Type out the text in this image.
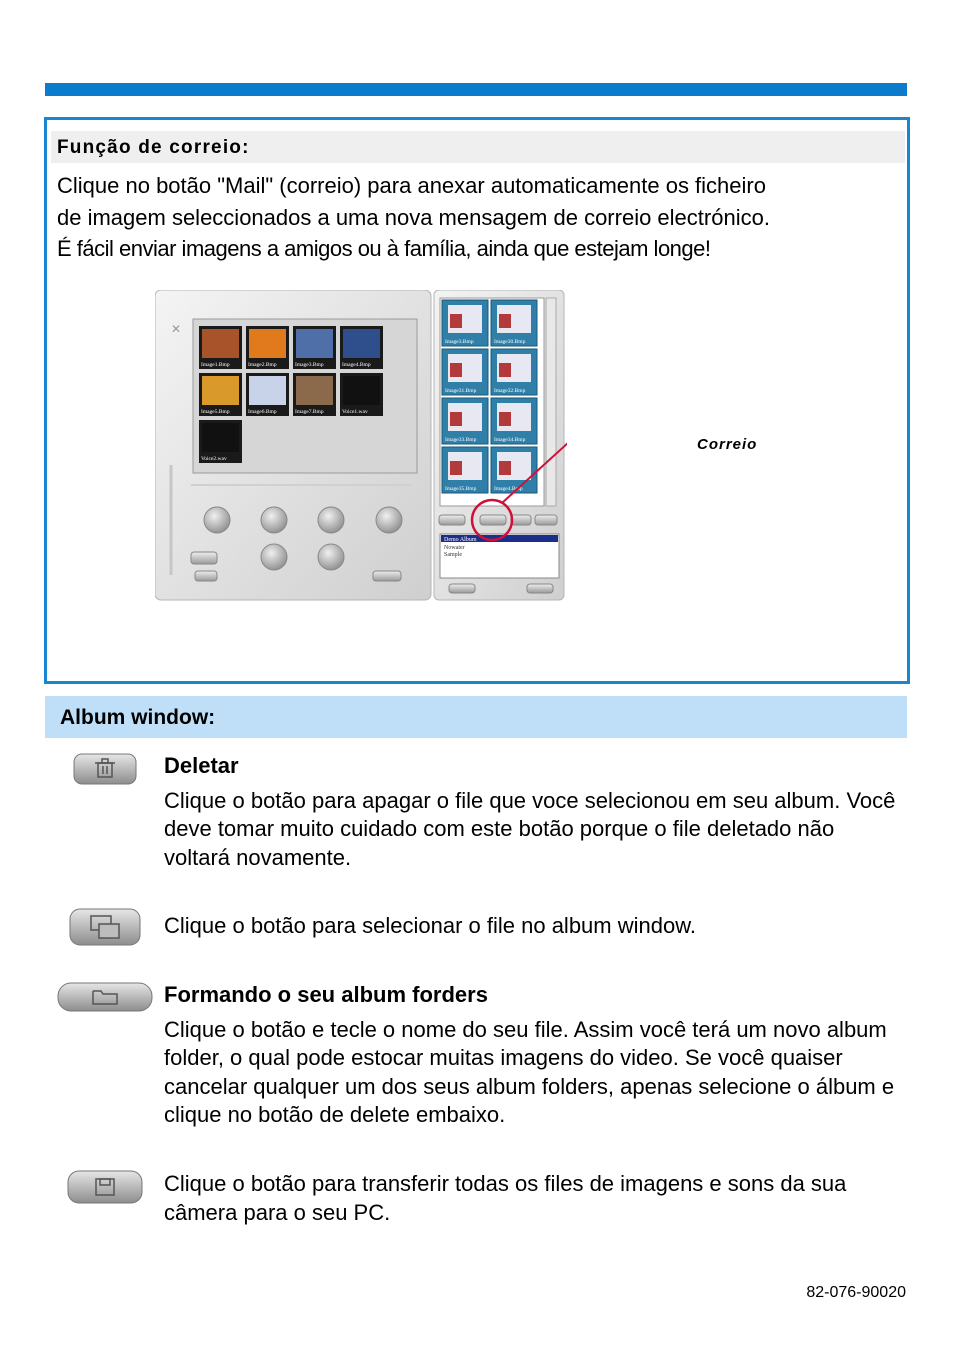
Função de correio:
Clique no botão "Mail" (correio) para anexar automaticamente os ficheiro
de imagem seleccionados a uma nova mensagem de correio electrónico.
É fácil enviar imagens a amigos ou à família, ainda que estejam longe!
✕
Image1.Bmp	Image2.Bmp	Image3.Bmp	Image4.Bmp
Image5.Bmp	Image6.Bmp	Image7.Bmp	Voice1.wav
Voice2.wav
Image3.Bmp	Image30.Bmp
Image31.Bmp	Image32.Bmp
Image33.Bmp	Image34.Bmp
Image35.Bmp	Image4.Bmp
Demo Album
Nowater
Sample
Correio
Album window:
Deletar
Clique o botão para apagar o file que voce selecionou em seu album. Você deve tomar muito cuidado com este botão porque o file deletado não voltará novamente.
Clique o botão para selecionar o file no album window.
Formando o seu album forders
Clique o botão e tecle o nome do seu file. Assim você terá um novo album folder, o qual pode estocar muitas imagens do video. Se você quaiser cancelar qualquer um dos seus album folders, apenas selecione o álbum e clique no botão de delete embaixo.
Clique o botão para transferir todas os files de imagens e sons da sua câmera para o seu PC.
82-076-90020
